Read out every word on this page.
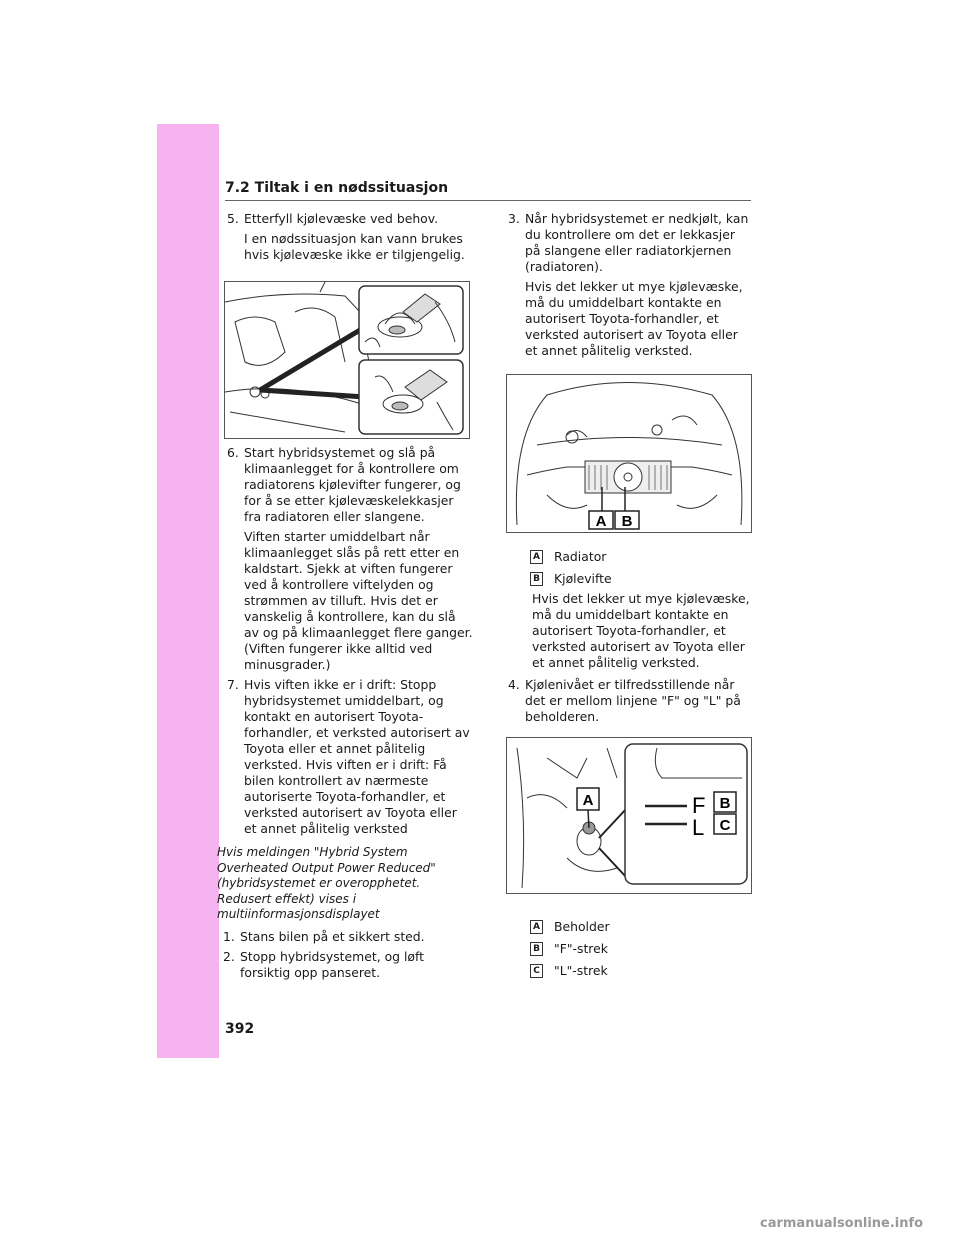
7.2 Tiltak i en nødssituasjon
5. Etterfyll kjølevæske ved behov.
I en nødssituasjon kan vann brukes hvis kjølevæske ikke er tilgjengelig.
6. Start hybridsystemet og slå på klimaanlegget for å kontrollere om radiatorens kjølevifter fungerer, og for å se etter kjølevæskelekkasjer fra radiatoren eller slangene.
Viften starter umiddelbart når klimaanlegget slås på rett etter en kaldstart. Sjekk at viften fungerer ved å kontrollere viftelyden og strømmen av tilluft. Hvis det er vanskelig å kontrollere, kan du slå av og på klimaanlegget flere ganger. (Viften fungerer ikke alltid ved minusgrader.)
7. Hvis viften ikke er i drift: Stopp hybridsystemet umiddelbart, og kontakt en autorisert Toyota-forhandler, et verksted autorisert av Toyota eller et annet pålitelig verksted. Hvis viften er i drift: Få bilen kontrollert av nærmeste autoriserte Toyota-forhandler, et verksted autorisert av Toyota eller et annet pålitelig verksted
Hvis meldingen "Hybrid System Overheated Output Power Reduced" (hybridsystemet er overopphetet. Redusert effekt) vises i multiinformasjonsdisplayet
1. Stans bilen på et sikkert sted.
2. Stopp hybridsystemet, og løft forsiktig opp panseret.
3. Når hybridsystemet er nedkjølt, kan du kontrollere om det er lekkasjer på slangene eller radiatorkjernen (radiatoren).
Hvis det lekker ut mye kjølevæske, må du umiddelbart kontakte en autorisert Toyota-forhandler, et verksted autorisert av Toyota eller et annet pålitelig verksted.
A Radiator
B Kjølevifte
Hvis det lekker ut mye kjølevæske, må du umiddelbart kontakte en autorisert Toyota-forhandler, et verksted autorisert av Toyota eller et annet pålitelig verksted.
4. Kjølenivået er tilfredsstillende når det er mellom linjene "F" og "L" på beholderen.
A Beholder
B "F"-strek
C "L"-strek
A B
A	F
L
B
C
392
carmanualsonline.info
